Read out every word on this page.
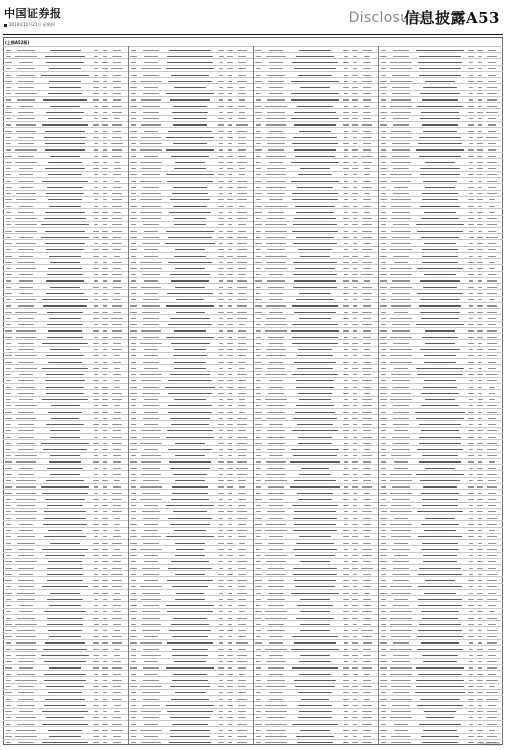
中国证券报
2019年11月21日 星期四	Disclosure
信息披露A53
(上接A52版)
CS中国证券报
